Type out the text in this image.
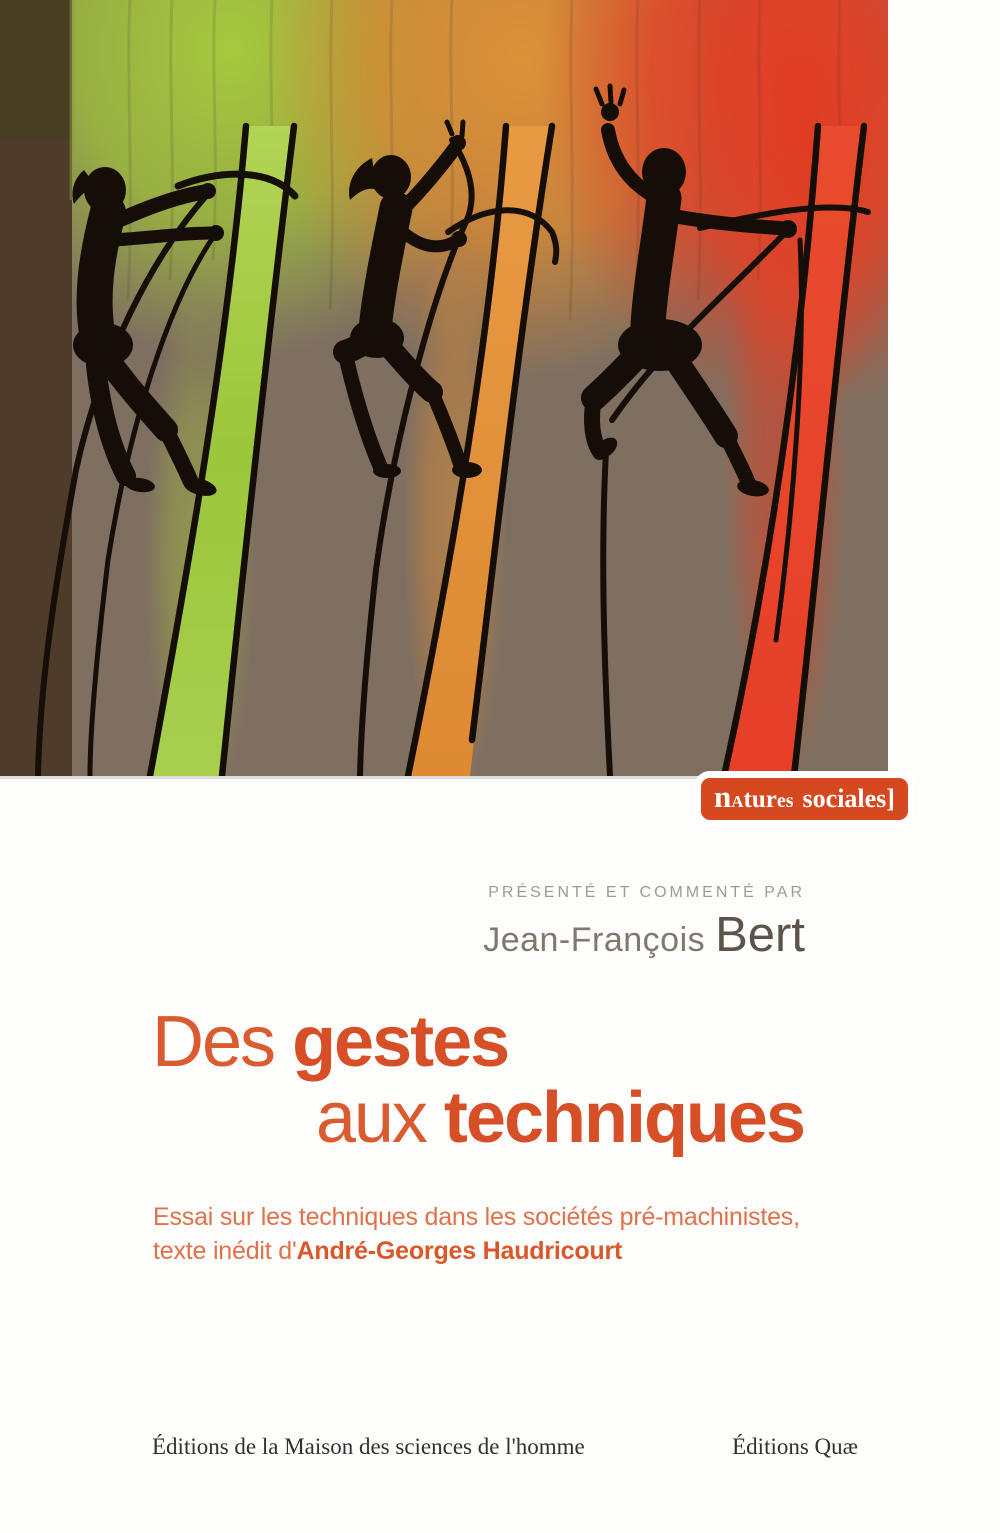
n A tur es sociales]
PRÉSENTÉ ET COMMENTÉ PAR
Jean-François Bert
Des gestes
aux techniques
Essai sur les techniques dans les sociétés pré-machinistes,
texte inédit d'André-Georges Haudricourt
Éditions de la Maison des sciences de l'homme	Éditions Quæ
